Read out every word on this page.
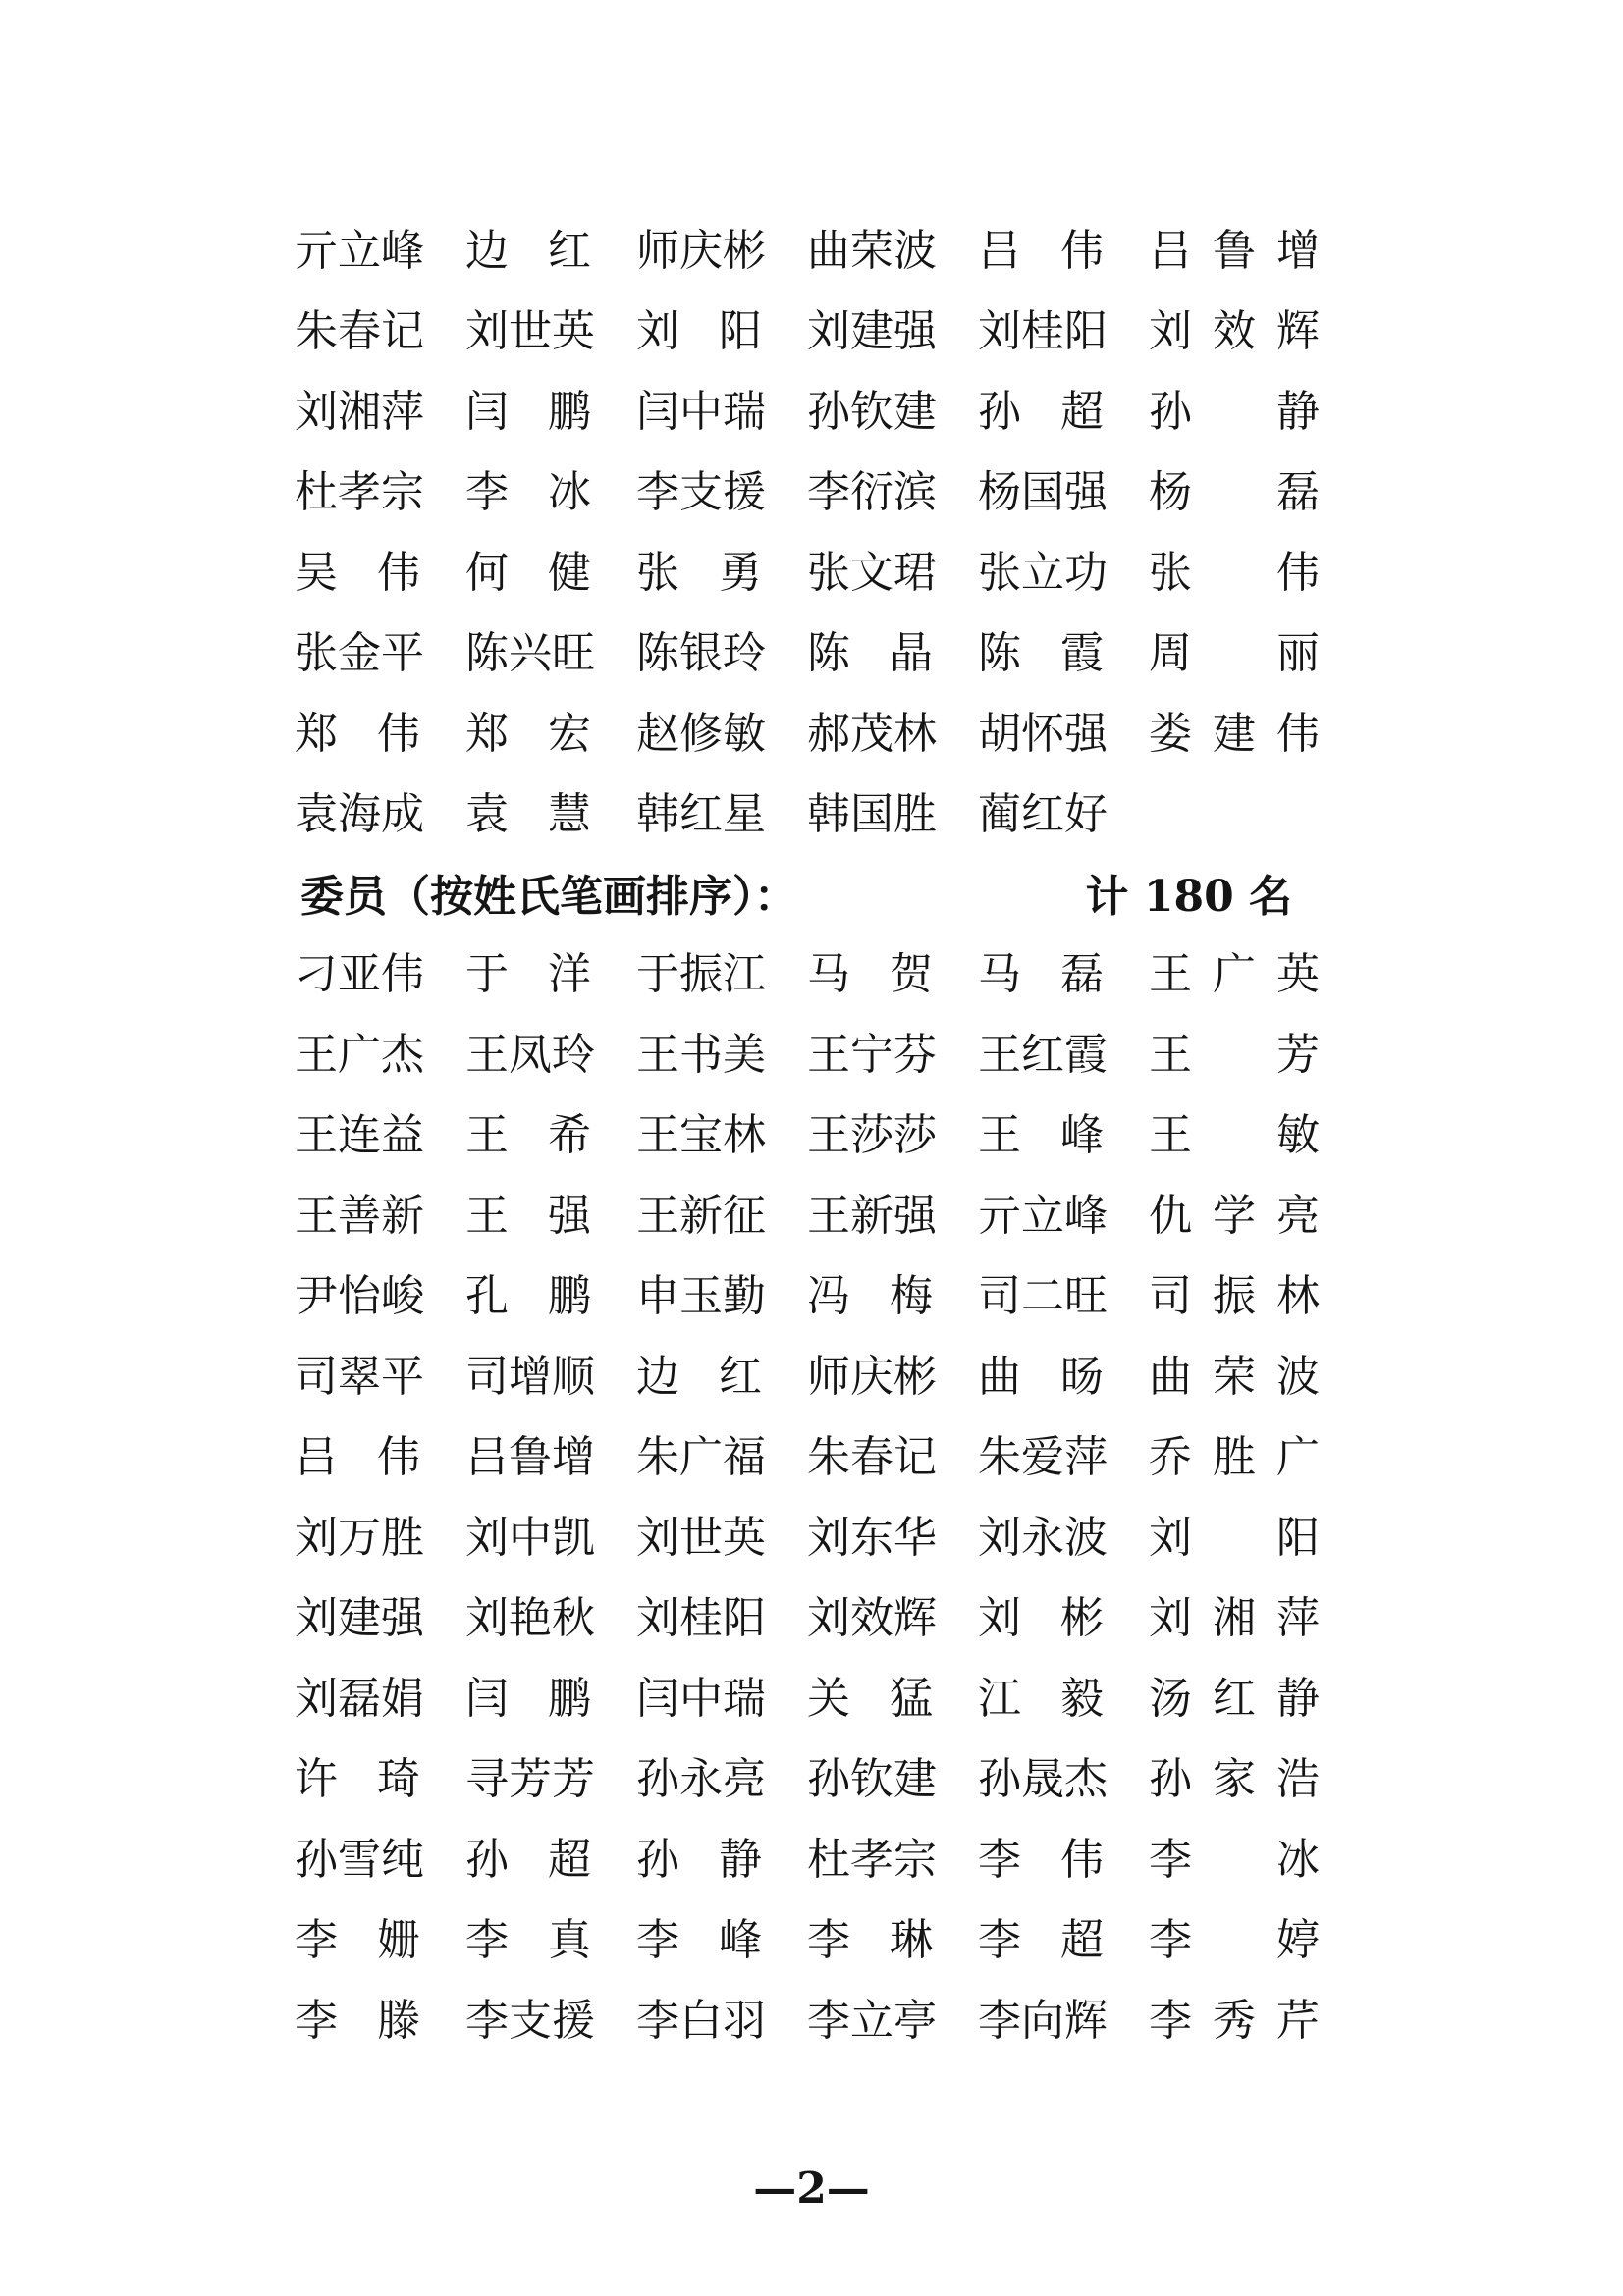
亓 立 峰 边 红 师 庆 彬 曲 荣 波 吕 伟 吕 鲁 增
朱 春 记 刘 世 英 刘 阳 刘 建 强 刘 桂 阳 刘 效 辉
刘 湘 萍 闫 鹏 闫 中 瑞 孙 钦 建 孙 超 孙 静
杜 孝 宗 李 冰 李 支 援 李 衍 滨 杨 国 强 杨 磊
吴 伟 何 健 张 勇 张 文 珺 张 立 功 张 伟
张 金 平 陈 兴 旺 陈 银 玲 陈 晶 陈 霞 周 丽
郑 伟 郑 宏 赵 修 敏 郝 茂 林 胡 怀 强 娄 建 伟
袁 海 成 袁 慧 韩 红 星 韩 国 胜 蔺 红 好
委员（按姓氏笔画排序）：	计 180 名
刁 亚 伟 于 洋 于 振 江 马 贺 马 磊 王 广 英
王 广 杰 王 凤 玲 王 书 美 王 宁 芬 王 红 霞 王 芳
王 连 益 王 希 王 宝 林 王 莎 莎 王 峰 王 敏
王 善 新 王 强 王 新 征 王 新 强 亓 立 峰 仇 学 亮
尹 怡 峻 孔 鹏 申 玉 勤 冯 梅 司 二 旺 司 振 林
司 翠 平 司 增 顺 边 红 师 庆 彬 曲 旸 曲 荣 波
吕 伟 吕 鲁 增 朱 广 福 朱 春 记 朱 爱 萍 乔 胜 广
刘 万 胜 刘 中 凯 刘 世 英 刘 东 华 刘 永 波 刘 阳
刘 建 强 刘 艳 秋 刘 桂 阳 刘 效 辉 刘 彬 刘 湘 萍
刘 磊 娟 闫 鹏 闫 中 瑞 关 猛 江 毅 汤 红 静
许 琦 寻 芳 芳 孙 永 亮 孙 钦 建 孙 晟 杰 孙 家 浩
孙 雪 纯 孙 超 孙 静 杜 孝 宗 李 伟 李 冰
李 姗 李 真 李 峰 李 琳 李 超 李 婷
李 滕 李 支 援 李 白 羽 李 立 亭 李 向 辉 李 秀 芹
—2—
